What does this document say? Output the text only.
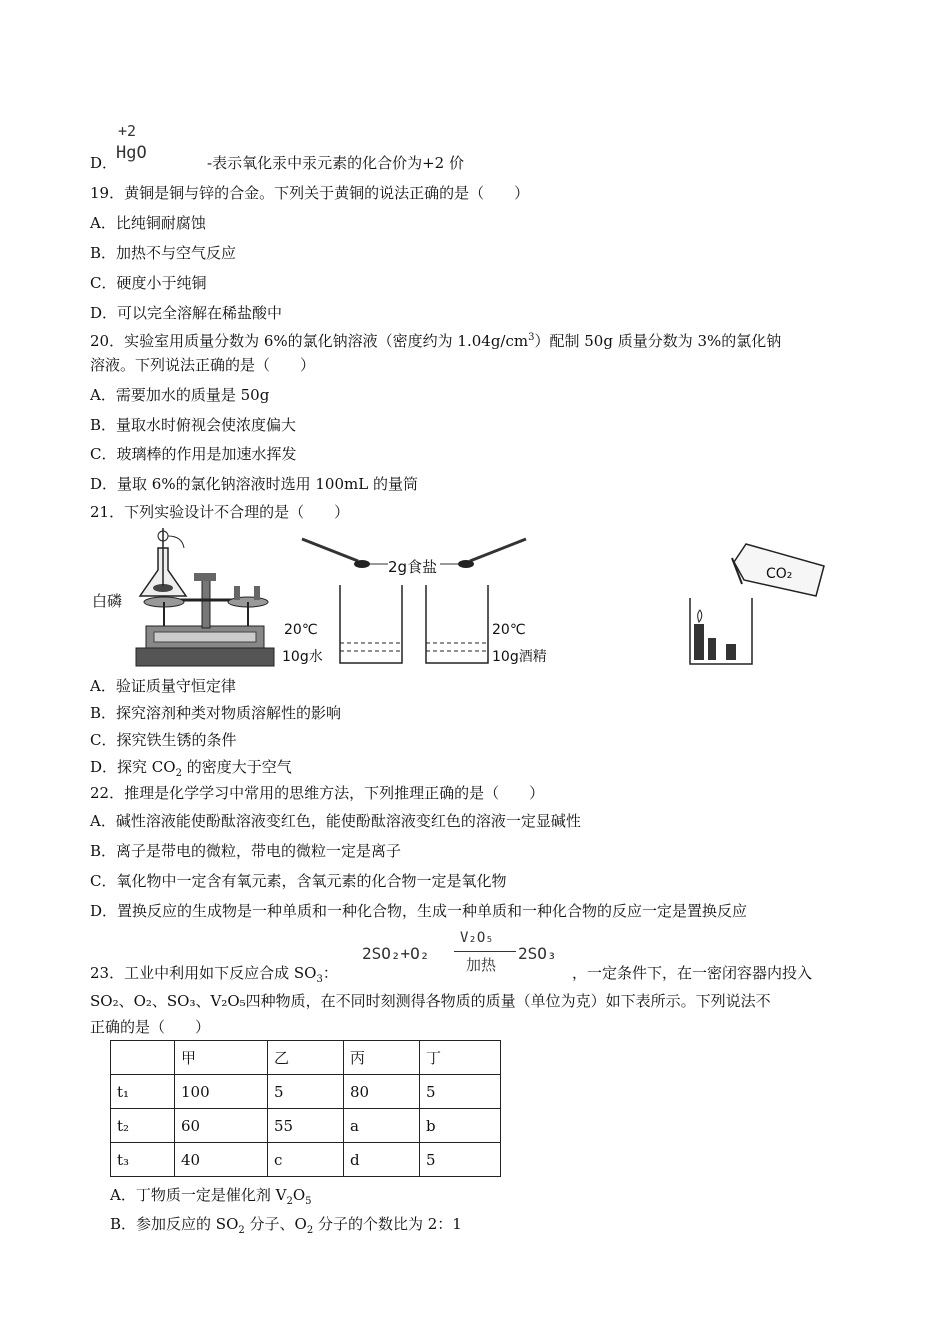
D．	-表示氧化汞中汞元素的化合价为+2 价
+2
HgO
19．黄铜是铜与锌的合金。下列关于黄铜的说法正确的是（　　）
A．比纯铜耐腐蚀
B．加热不与空气反应
C．硬度小于纯铜
D．可以完全溶解在稀盐酸中
20．实验室用质量分数为 6%的氯化钠溶液（密度约为 $1.04g/cm^3$）配制 50g 质量分数为 3%的氯化钠
溶液。下列说法正确的是（　　）
A．需要加水的质量是 50g
B．量取水时俯视会使浓度偏大
C．玻璃棒的作用是加速水挥发
D．量取 6%的氯化钠溶液时选用 100mL 的量筒
21．下列实验设计不合理的是（　　）
白磷
2g食盐
20℃
10g水
20℃
10g酒精
CO₂
A．验证质量守恒定律
B．探究溶剂种类对物质溶解性的影响
C．探究铁生锈的条件
D．探究 $CO_2$ 的密度大于空气
22．推理是化学学习中常用的思维方法，下列推理正确的是（　　）
A．碱性溶液能使酚酞溶液变红色，能使酚酞溶液变红色的溶液一定显碱性
B．离子是带电的微粒，带电的微粒一定是离子
C．氧化物中一定含有氧元素，含氧元素的化合物一定是氧化物
D．置换反应的生成物是一种单质和一种化合物，生成一种单质和一种化合物的反应一定是置换反应
23．工业中利用如下反应合成 $SO_3$：
2SO₂+O₂
V₂O₅
加热
2SO₃
，一定条件下，在一密闭容器内投入
SO₂、O₂、SO₃、V₂O₅四种物质，在不同时刻测得各物质的质量（单位为克）如下表所示。下列说法不
正确的是（　　）
	甲	乙	丙	丁
t₁	100	5	80	5
t₂	60	55	a	b
t₃	40	c	d	5
A．丁物质一定是催化剂 $V_2O_5$
B．参加反应的 $SO_2$ 分子、$O_2$ 分子的个数比为 2：1
